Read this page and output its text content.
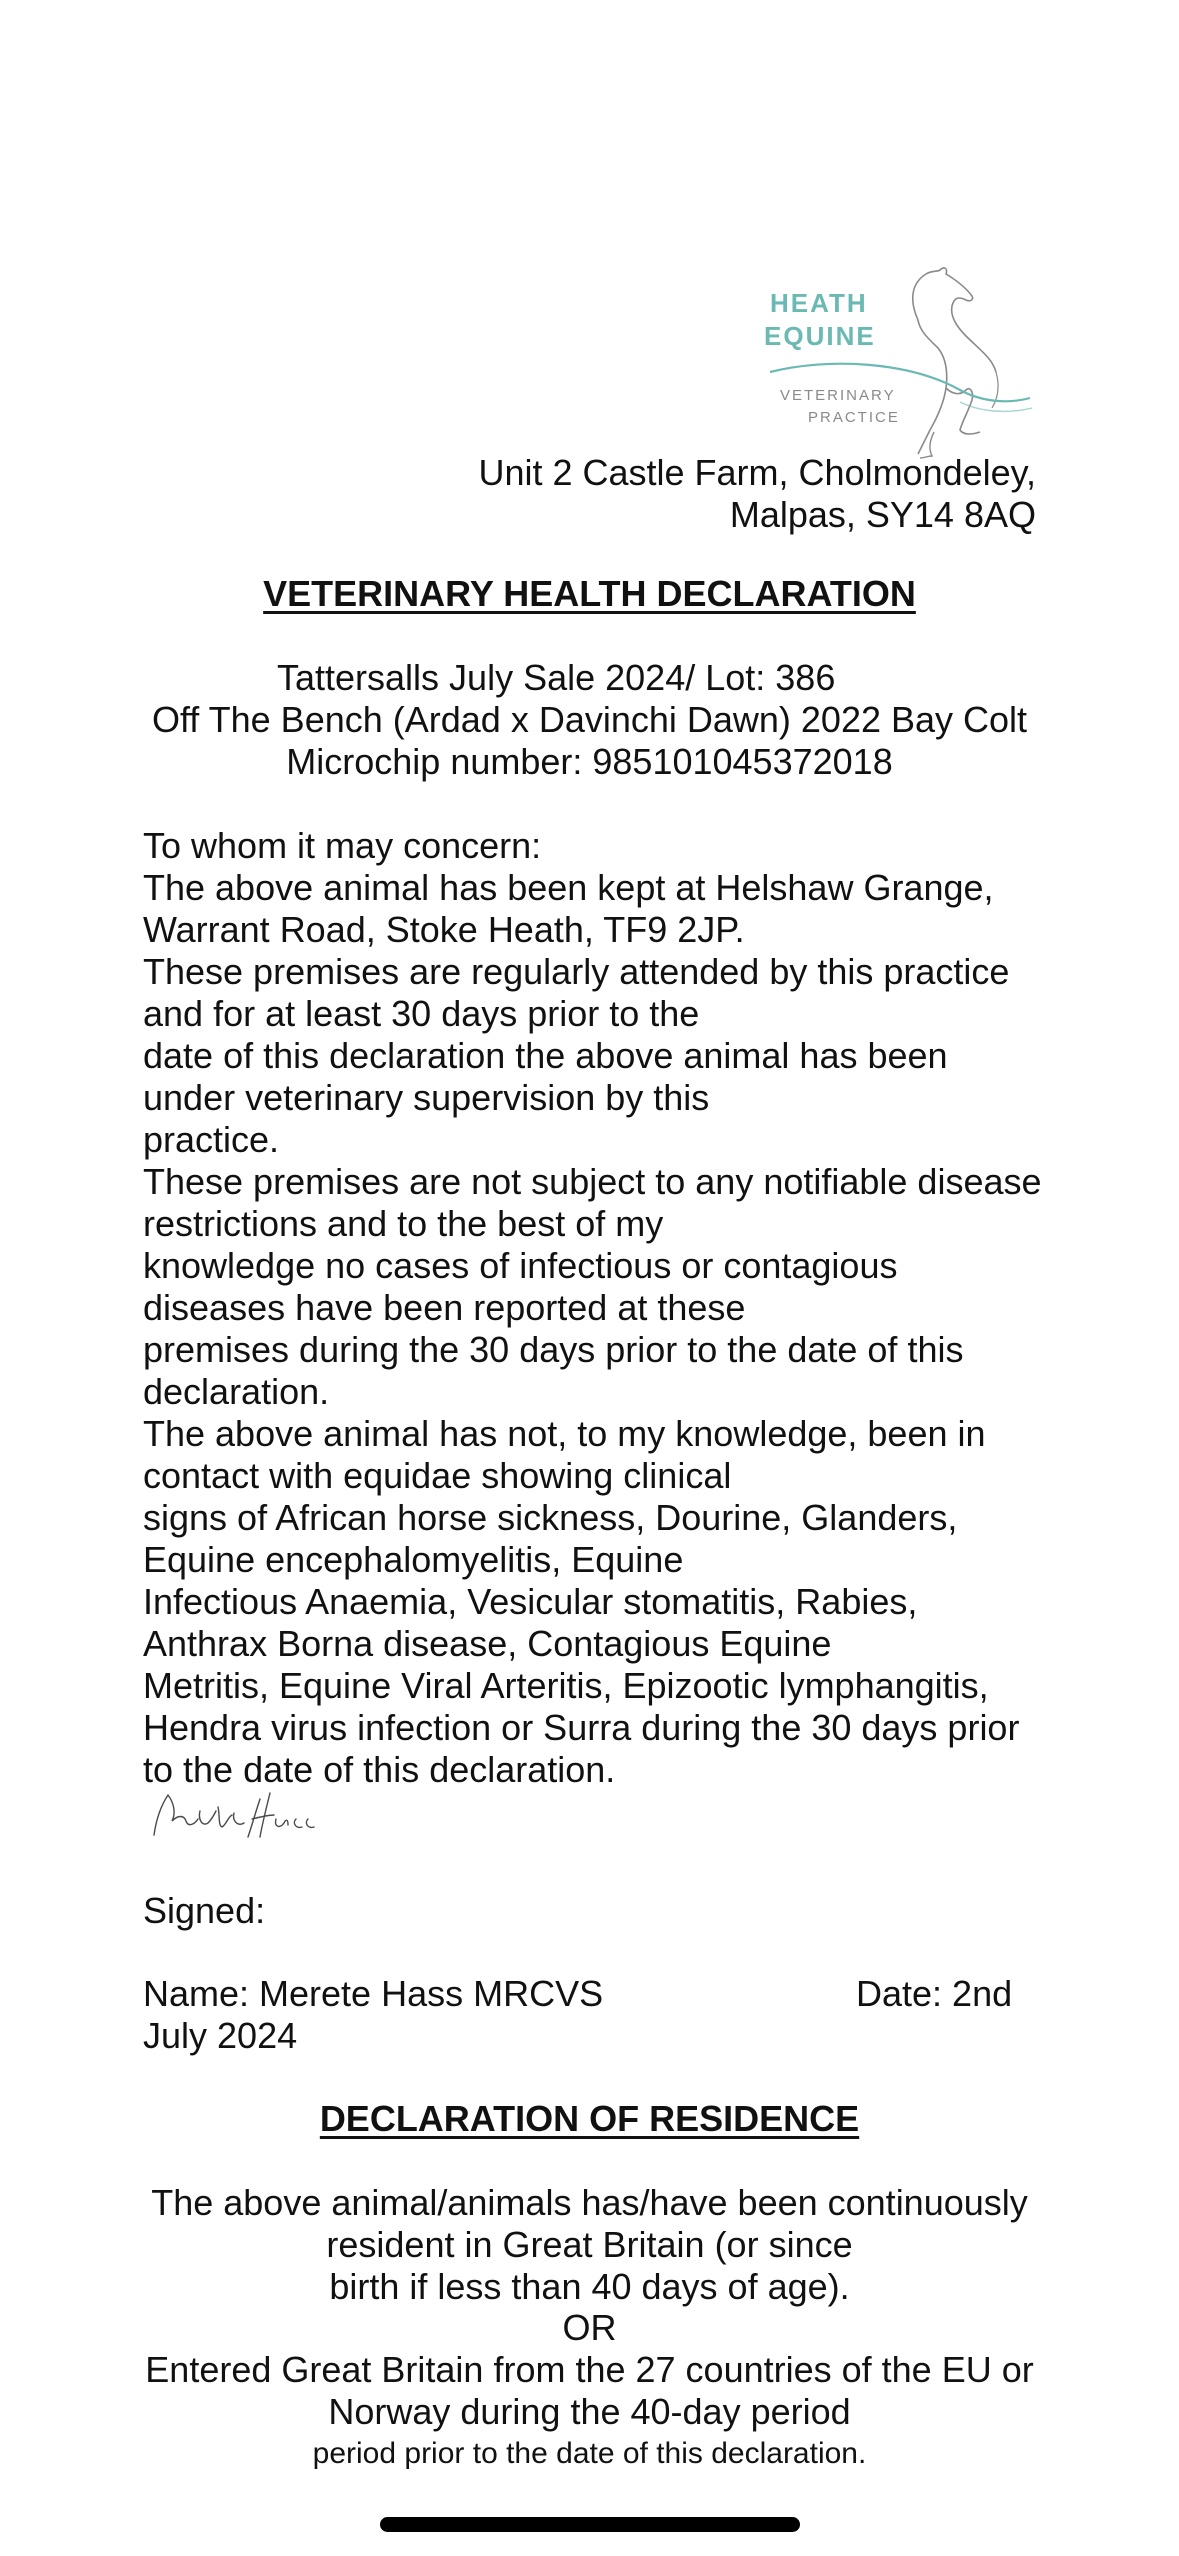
HEATH
EQUINE
VETERINARY
PRACTICE
Unit 2 Castle Farm, Cholmondeley,
Malpas, SY14 8AQ
VETERINARY HEALTH DECLARATION
Tattersalls July Sale 2024/ Lot: 386
Off The Bench (Ardad x Davinchi Dawn) 2022 Bay Colt
Microchip number: 985101045372018
To whom it may concern:
The above animal has been kept at Helshaw Grange,
Warrant Road, Stoke Heath, TF9 2JP.
These premises are regularly attended by this practice
and for at least 30 days prior to the
date of this declaration the above animal has been
under veterinary supervision by this
practice.
These premises are not subject to any notifiable disease
restrictions and to the best of my
knowledge no cases of infectious or contagious
diseases have been reported at these
premises during the 30 days prior to the date of this
declaration.
The above animal has not, to my knowledge, been in
contact with equidae showing clinical
signs of African horse sickness, Dourine, Glanders,
Equine encephalomyelitis, Equine
Infectious Anaemia, Vesicular stomatitis, Rabies,
Anthrax Borna disease, Contagious Equine
Metritis, Equine Viral Arteritis, Epizootic lymphangitis,
Hendra virus infection or Surra during the 30 days prior
to the date of this declaration.
Signed:
Name: Merete Hass MRCVS	Date: 2nd
July 2024
DECLARATION OF RESIDENCE
The above animal/animals has/have been continuously
resident in Great Britain (or since
birth if less than 40 days of age).
OR
Entered Great Britain from the 27 countries of the EU or
Norway during the 40-day period
period prior to the date of this declaration.
